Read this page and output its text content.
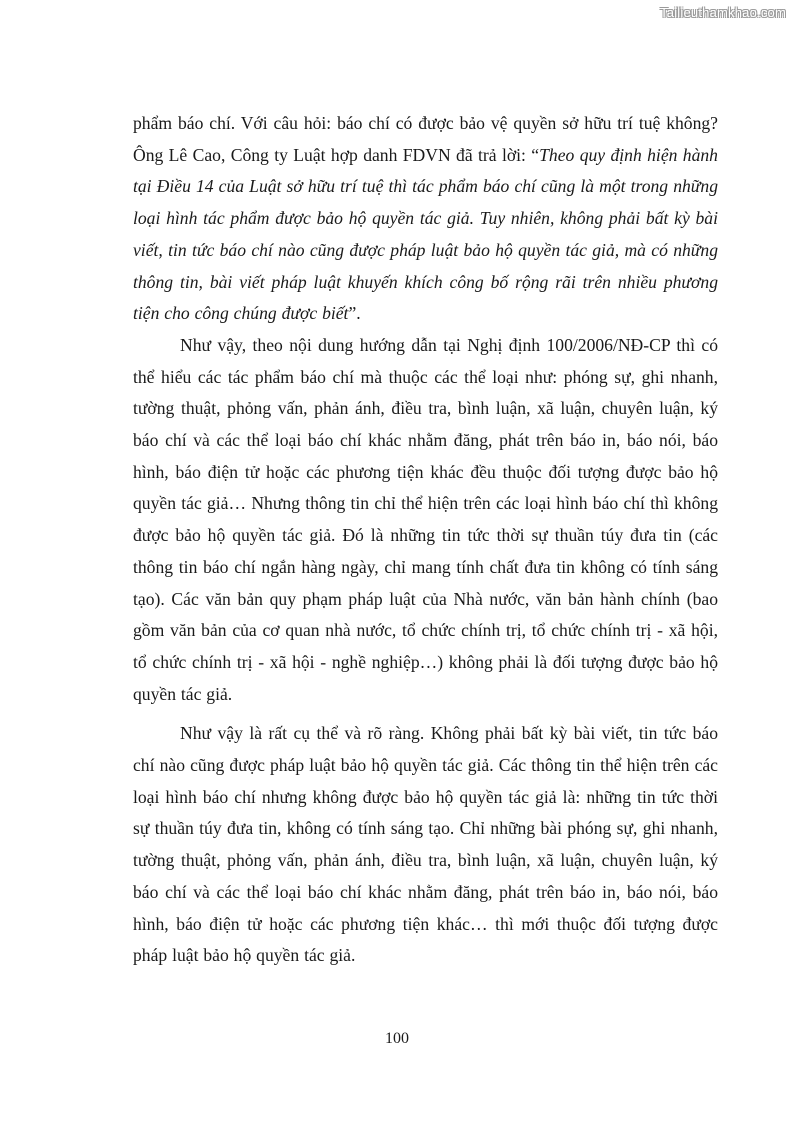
Tailieuthamkhao.com

phẩm báo chí. Với câu hỏi: báo chí có được bảo vệ quyền sở hữu trí tuệ không? Ông Lê Cao, Công ty Luật hợp danh FDVN đã trả lời: “Theo quy định hiện hành tại Điều 14 của Luật sở hữu trí tuệ thì tác phẩm báo chí cũng là một trong những loại hình tác phẩm được bảo hộ quyền tác giả. Tuy nhiên, không phải bất kỳ bài viết, tin tức báo chí nào cũng được pháp luật bảo hộ quyền tác giả, mà có những thông tin, bài viết pháp luật khuyến khích công bố rộng rãi trên nhiều phương tiện cho công chúng được biết”.

Như vậy, theo nội dung hướng dẫn tại Nghị định 100/2006/NĐ-CP thì có thể hiểu các tác phẩm báo chí mà thuộc các thể loại như: phóng sự, ghi nhanh, tường thuật, phỏng vấn, phản ánh, điều tra, bình luận, xã luận, chuyên luận, ký báo chí và các thể loại báo chí khác nhằm đăng, phát trên báo in, báo nói, báo hình, báo điện tử hoặc các phương tiện khác đều thuộc đối tượng được bảo hộ quyền tác giả… Nhưng thông tin chỉ thể hiện trên các loại hình báo chí thì không được bảo hộ quyền tác giả. Đó là những tin tức thời sự thuần túy đưa tin (các thông tin báo chí ngắn hàng ngày, chỉ mang tính chất đưa tin không có tính sáng tạo). Các văn bản quy phạm pháp luật của Nhà nước, văn bản hành chính (bao gồm văn bản của cơ quan nhà nước, tổ chức chính trị, tổ chức chính trị - xã hội, tổ chức chính trị - xã hội - nghề nghiệp…) không phải là đối tượng được bảo hộ quyền tác giả.

Như vậy là rất cụ thể và rõ ràng. Không phải bất kỳ bài viết, tin tức báo chí nào cũng được pháp luật bảo hộ quyền tác giả. Các thông tin thể hiện trên các loại hình báo chí nhưng không được bảo hộ quyền tác giả là: những tin tức thời sự thuần túy đưa tin, không có tính sáng tạo. Chỉ những bài phóng sự, ghi nhanh, tường thuật, phỏng vấn, phản ánh, điều tra, bình luận, xã luận, chuyên luận, ký báo chí và các thể loại báo chí khác nhằm đăng, phát trên báo in, báo nói, báo hình, báo điện tử hoặc các phương tiện khác… thì mới thuộc đối tượng được pháp luật bảo hộ quyền tác giả.

100
